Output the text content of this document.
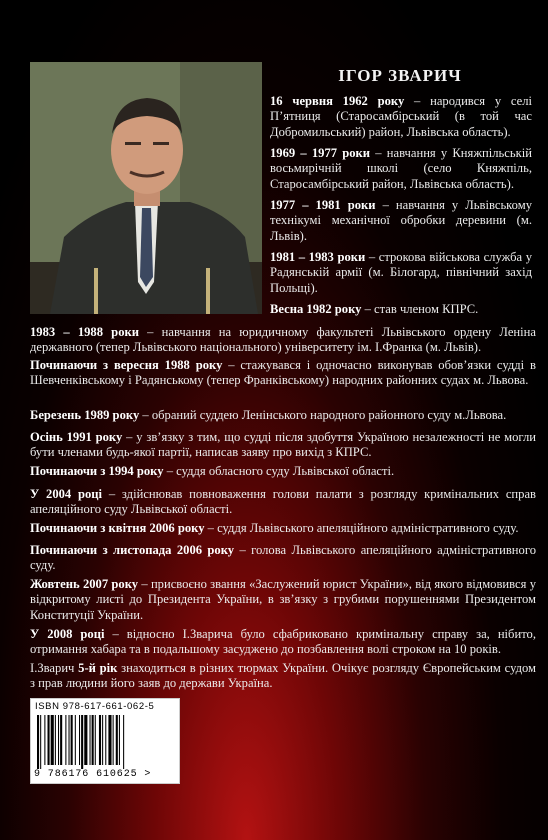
ІГОР ЗВАРИЧ
16 червня 1962 року – народився у селі П’ятниця (Старосамбірський (в той час Добромильський) район, Львівська область).
1969 – 1977 роки – навчання у Княжпільській восьмирічній школі (село Княжпіль, Старосамбірський район, Львівська область).
1977 – 1981 роки – навчання у Львівському технікумі механічної обробки деревини (м. Львів).
1981 – 1983 роки – строкова військова служба у Радянській армії (м. Білогард, північний захід Польщі).
Весна 1982 року – став членом КПРС.
1983 – 1988 роки – навчання на юридичному факультеті Львівського ордену Леніна державного (тепер Львівського національного) університету ім. І.Франка (м. Львів).
Починаючи з вересня 1988 року – стажувався і одночасно виконував обов’язки судді в Шевченківському і Радянському (тепер Франківському) народних районних судах м. Львова.
Березень 1989 року – обраний суддею Ленінського народного районного суду м.Львова.
Осінь 1991 року – у зв’язку з тим, що судді після здобуття Україною незалежності не могли бути членами будь-якої партії, написав заяву про вихід з КПРС.
Починаючи з 1994 року – суддя обласного суду Львівської області.
У 2004 році – здійснював повноваження голови палати з розгляду кримінальних справ апеляційного суду Львівської області.
Починаючи з квітня 2006 року – суддя Львівського апеляційного адміністративного суду.
Починаючи з листопада 2006 року – голова Львівського апеляційного адміністративного суду.
Жовтень 2007 року – присвоєно звання «Заслужений юрист України», від якого відмовився у відкритому листі до Президента України, в зв’язку з грубими порушеннями Президентом Конституції України.
У 2008 році – відносно І.Зварича було сфабриковано кримінальну справу за, нібито, отримання хабара та в подальшому засуджено до позбавлення волі строком на 10 років.
І.Зварич 5-й рік знаходиться в різних тюрмах України. Очікує розгляду Європейським судом з прав людини його заяв до держави Україна.
ISBN 978-617-661-062-5
9 786176 610625 >
